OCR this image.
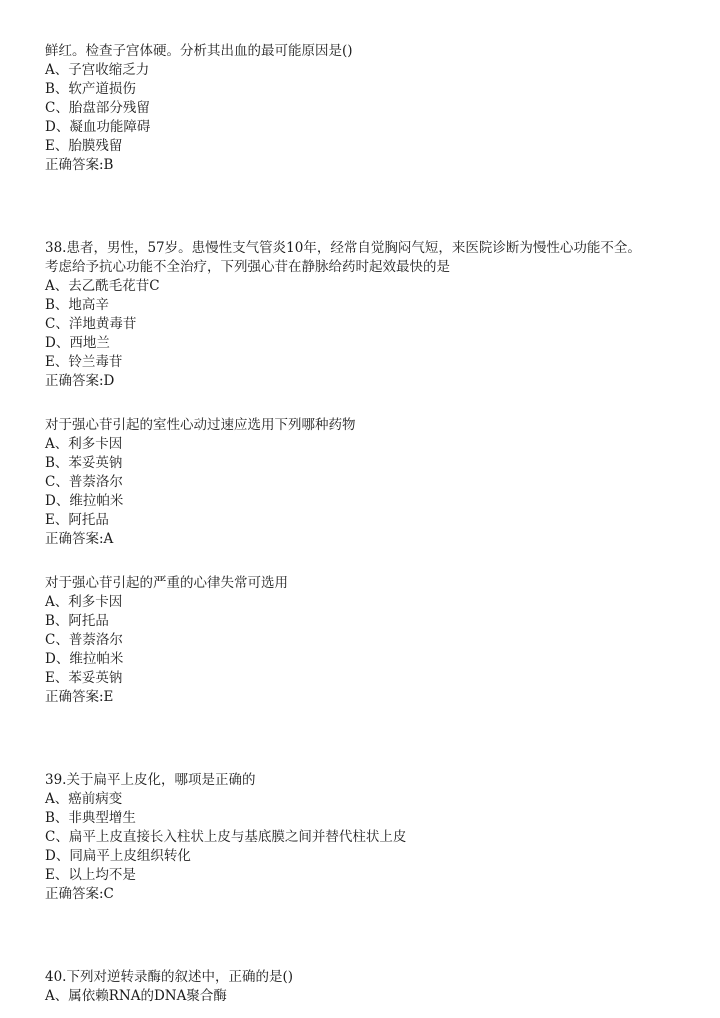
鲜红。检查子宫体硬。分析其出血的最可能原因是()
A、子宫收缩乏力
B、软产道损伤
C、胎盘部分残留
D、凝血功能障碍
E、胎膜残留
正确答案:B
38.患者，男性，57岁。患慢性支气管炎10年，经常自觉胸闷气短，来医院诊断为慢性心功能不全。
考虑给予抗心功能不全治疗，下列强心苷在静脉给药时起效最快的是
A、去乙酰毛花苷C
B、地高辛
C、洋地黄毒苷
D、西地兰
E、铃兰毒苷
正确答案:D
对于强心苷引起的室性心动过速应选用下列哪种药物
A、利多卡因
B、苯妥英钠
C、普萘洛尔
D、维拉帕米
E、阿托品
正确答案:A
对于强心苷引起的严重的心律失常可选用
A、利多卡因
B、阿托品
C、普萘洛尔
D、维拉帕米
E、苯妥英钠
正确答案:E
39.关于扁平上皮化，哪项是正确的
A、癌前病变
B、非典型增生
C、扁平上皮直接长入柱状上皮与基底膜之间并替代柱状上皮
D、同扁平上皮组织转化
E、以上均不是
正确答案:C
40.下列对逆转录酶的叙述中，正确的是()
A、属依赖RNA的DNA聚合酶
